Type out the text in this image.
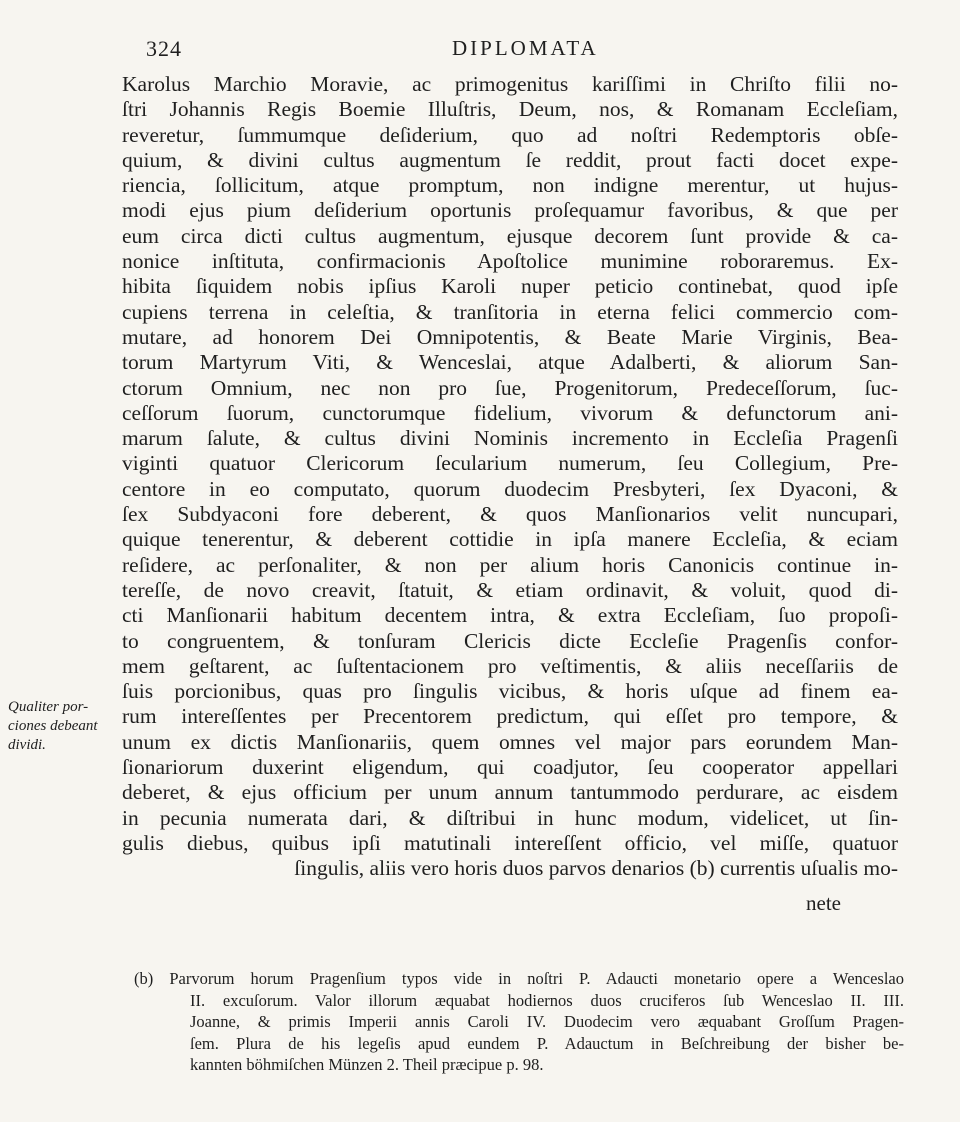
324	DIPLOMATA
Karolus Marchio Moravie, ac primogenitus kariſſimi in Chriſto filii no-
ſtri Johannis Regis Boemie Illuſtris, Deum, nos, & Romanam Eccleſiam,
reveretur, ſummumque deſiderium, quo ad noſtri Redemptoris obſe-
quium, & divini cultus augmentum ſe reddit, prout facti docet expe-
riencia, ſollicitum, atque promptum, non indigne merentur, ut hujus-
modi ejus pium deſiderium oportunis proſequamur favoribus, & que per
eum circa dicti cultus augmentum, ejusque decorem ſunt provide & ca-
nonice inſtituta, confirmacionis Apoſtolice munimine roboraremus. Ex-
hibita ſiquidem nobis ipſius Karoli nuper peticio continebat, quod ipſe
cupiens terrena in celeſtia, & tranſitoria in eterna felici commercio com-
mutare, ad honorem Dei Omnipotentis, & Beate Marie Virginis, Bea-
torum Martyrum Viti, & Wenceslai, atque Adalberti, & aliorum San-
ctorum Omnium, nec non pro ſue, Progenitorum, Predeceſſorum, ſuc-
ceſſorum ſuorum, cunctorumque fidelium, vivorum & defunctorum ani-
marum ſalute, & cultus divini Nominis incremento in Eccleſia Pragenſi
viginti quatuor Clericorum ſecularium numerum, ſeu Collegium, Pre-
centore in eo computato, quorum duodecim Presbyteri, ſex Dyaconi, &
ſex Subdyaconi fore deberent, & quos Manſionarios velit nuncupari,
quique tenerentur, & deberent cottidie in ipſa manere Eccleſia, & eciam
reſidere, ac perſonaliter, & non per alium horis Canonicis continue in-
tereſſe, de novo creavit, ſtatuit, & etiam ordinavit, & voluit, quod di-
cti Manſionarii habitum decentem intra, & extra Eccleſiam, ſuo propoſi-
to congruentem, & tonſuram Clericis dicte Eccleſie Pragenſis confor-
mem geſtarent, ac ſuſtentacionem pro veſtimentis, & aliis neceſſariis de
ſuis porcionibus, quas pro ſingulis vicibus, & horis uſque ad finem ea-
rum intereſſentes per Precentorem predictum, qui eſſet pro tempore, &
unum ex dictis Manſionariis, quem omnes vel major pars eorundem Man-
ſionariorum duxerint eligendum, qui coadjutor, ſeu cooperator appellari
deberet, & ejus officium per unum annum tantummodo perdurare, ac eisdem
in pecunia numerata dari, & diſtribui in hunc modum, videlicet, ut ſin-
gulis diebus, quibus ipſi matutinali intereſſent officio, vel miſſe, quatuor
ſingulis, aliis vero horis duos parvos denarios (b) currentis uſualis mo-
nete
Qualiter por-
ciones debeant
dividi.
(b) Parvorum horum Pragenſium typos vide in noſtri P. Adaucti monetario opere a Wenceslao
II. excuſorum. Valor illorum æquabat hodiernos duos cruciferos ſub Wenceslao II. III.
Joanne, & primis Imperii annis Caroli IV. Duodecim vero æquabant Groſſum Pragen-
ſem. Plura de his legeſis apud eundem P. Adauctum in Beſchreibung der bisher be-
kannten böhmiſchen Münzen 2. Theil præcipue p. 98.
